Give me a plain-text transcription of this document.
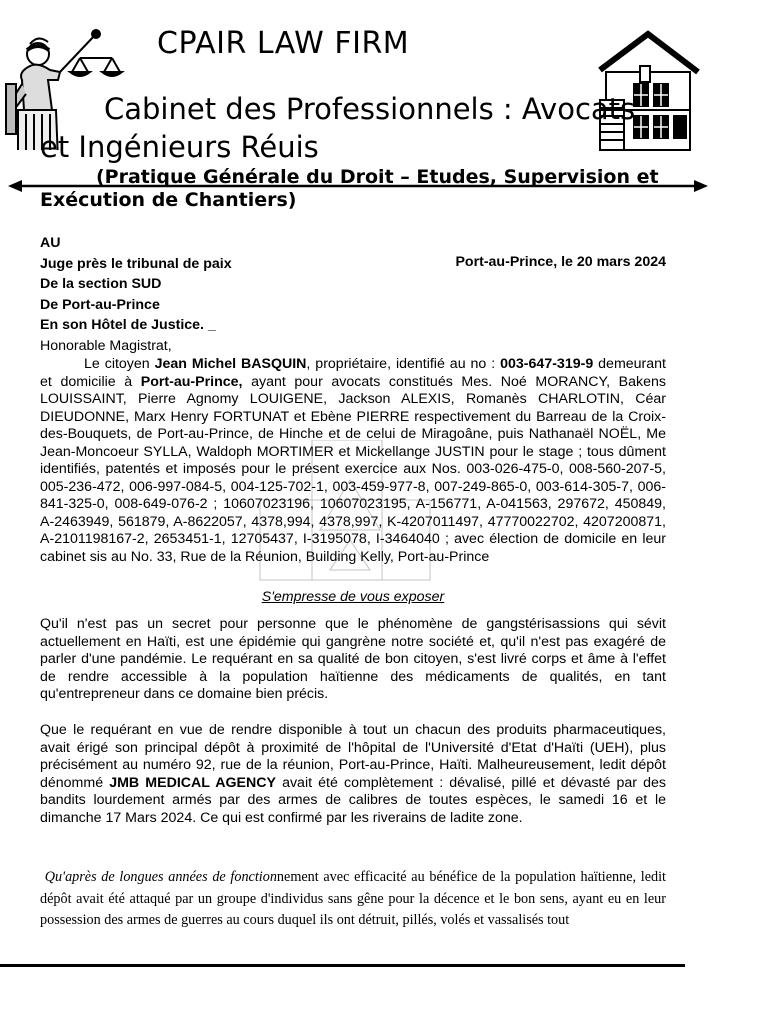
CPAIR LAW FIRM
Cabinet des Professionnels : Avocats
et Ingénieurs Réuis
(Pratique Générale du Droit – Etudes, Supervision et Exécution de Chantiers)
AU
Juge près le tribunal de paix
De la section SUD
De Port-au-Prince
En son Hôtel de Justice. _
Honorable Magistrat,
Port-au-Prince, le 20 mars 2024
Le citoyen Jean Michel BASQUIN, propriétaire, identifié au no : 003-647-319-9 demeurant et domicilie à Port-au-Prince, ayant pour avocats constitués Mes. Noé MORANCY, Bakens LOUISSAINT, Pierre Agnomy LOUIGENE, Jackson ALEXIS, Romanès CHARLOTIN, Céar DIEUDONNE, Marx Henry FORTUNAT et Ebène PIERRE respectivement du Barreau de la Croix-des-Bouquets, de Port-au-Prince, de Hinche et de celui de Miragoâne, puis Nathanaël NOËL, Me Jean-Moncoeur SYLLA, Waldoph MORTIMER et Mickellange JUSTIN pour le stage ; tous dûment identifiés, patentés et imposés pour le présent exercice aux Nos. 003-026-475-0, 008-560-207-5, 005-236-472, 006-997-084-5, 004-125-702-1, 003-459-977-8, 007-249-865-0, 003-614-305-7, 006-841-325-0, 008-649-076-2 ; 10607023196, 10607023195, A-156771, A-041563, 297672, 450849, A-2463949, 561879, A-8622057, 4378,994, 4378,997, K-4207011497, 47770022702, 4207200871, A-2101198167-2, 2653451-1, 12705437, I-3195078, I-3464040 ; avec élection de domicile en leur cabinet sis au No. 33, Rue de la Réunion, Building Kelly, Port-au-Prince
S'empresse de vous exposer
Qu'il n'est pas un secret pour personne que le phénomène de gangstérisassions qui sévit actuellement en Haïti, est une épidémie qui gangrène notre société et, qu'il n'est pas exagéré de parler d'une pandémie. Le requérant en sa qualité de bon citoyen, s'est livré corps et âme à l'effet de rendre accessible à la population haïtienne des médicaments de qualités, en tant qu'entrepreneur dans ce domaine bien précis.
Que le requérant en vue de rendre disponible à tout un chacun des produits pharmaceutiques, avait érigé son principal dépôt à proximité de l'hôpital de l'Université d'Etat d'Haïti (UEH), plus précisément au numéro 92, rue de la réunion, Port-au-Prince, Haïti. Malheureusement, ledit dépôt dénommé JMB MEDICAL AGENCY avait été complètement : dévalisé, pillé et dévasté par des bandits lourdement armés par des armes de calibres de toutes espèces, le samedi 16 et le dimanche 17 Mars 2024. Ce qui est confirmé par les riverains de ladite zone.
Qu'après de longues années de fonctionnement avec efficacité au bénéfice de la population haïtienne, ledit dépôt avait été attaqué par un groupe d'individus sans gêne pour la décence et le bon sens, ayant eu en leur possession des armes de guerres au cours duquel ils ont détruit, pillés, volés et vassalisés tout
